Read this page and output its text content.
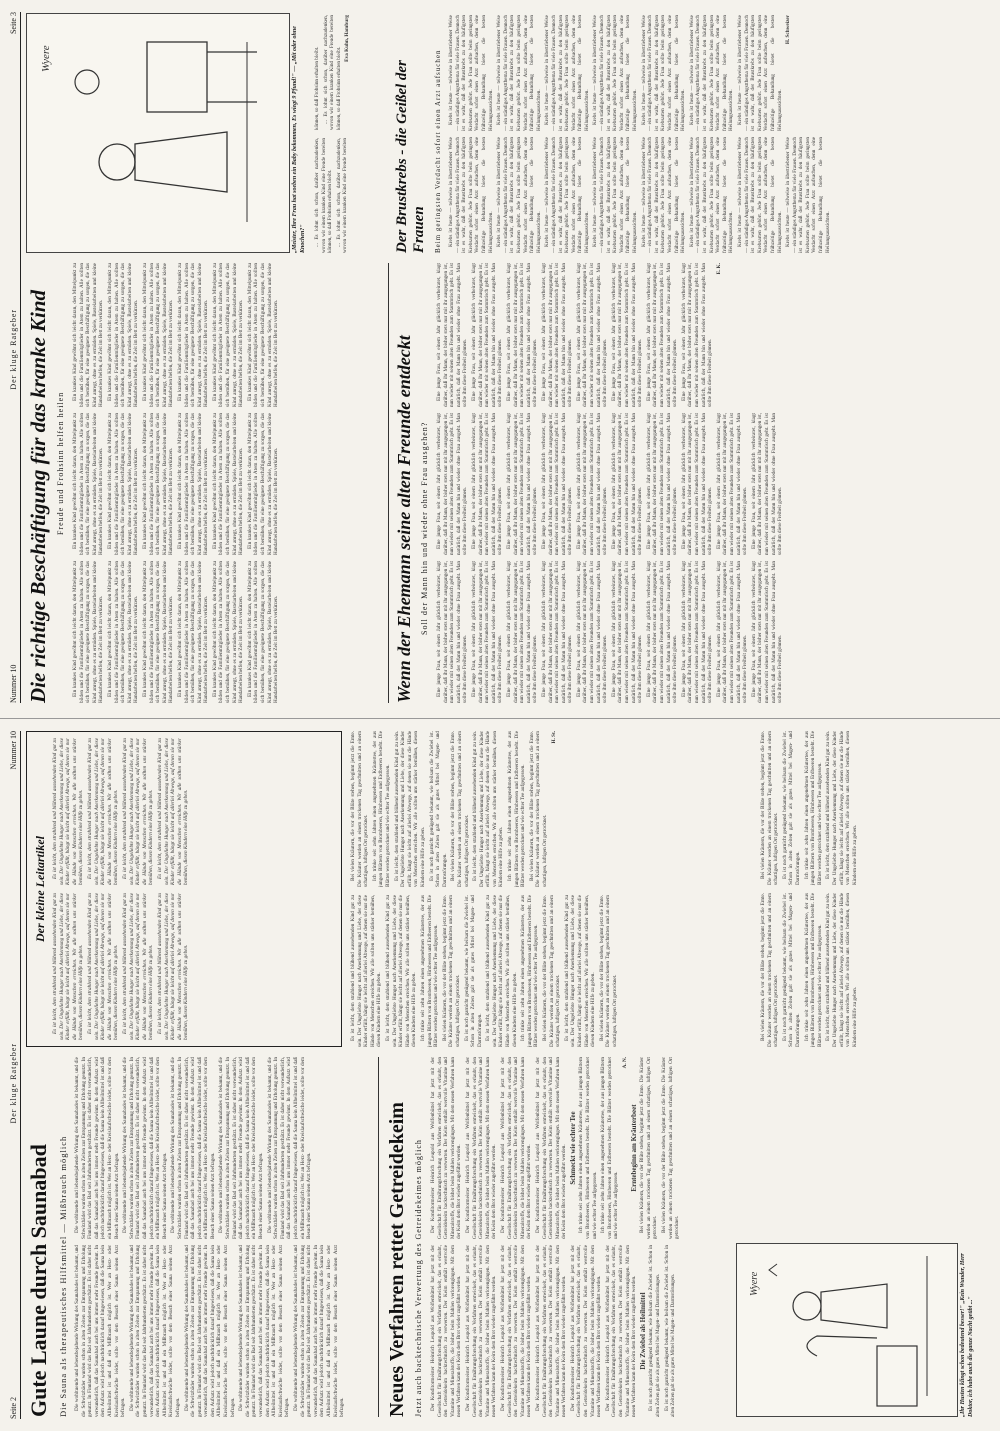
Seite 2
Der kluge Ratgeber
Nummer 10
Gute Laune durch Saunabad Die Sauna als therapeutisches Hilfsmittel — Mißbrauch möglich Die wohltuende und lebensbejahende Wirkung des Saunabades ist bekannt, und die Schwitzbäder wurden schon in alten Zeiten zur Entspannung und Erholung genutzt. In Finnland wird das Bad seit Jahrhunderten geschätzt. Es ist daher nicht verwunderlich, daß das Saunabad auch bei uns immer mehr Freunde gewinnt. In dem Aufsatz wird jedoch nachdrücklich darauf hingewiesen, daß die Sauna kein Allheilmittel ist und daß ein Mißbrauch möglich ist. Wer an Herz- oder Kreislaufschwäche leidet, sollte vor dem Besuch einer Sauna seinen Arzt befragen. Die wohltuende und lebensbejahende Wirkung des Saunabades ist bekannt, und die Schwitzbäder wurden schon in alten Zeiten zur Entspannung und Erholung genutzt. In Finnland wird das Bad seit Jahrhunderten geschätzt. Es ist daher nicht verwunderlich, daß das Saunabad auch bei uns immer mehr Freunde gewinnt. In dem Aufsatz wird jedoch nachdrücklich darauf hingewiesen, daß die Sauna kein Allheilmittel ist und daß ein Mißbrauch möglich ist. Wer an Herz- oder Kreislaufschwäche leidet, sollte vor dem Besuch einer Sauna seinen Arzt befragen. Die wohltuende und lebensbejahende Wirkung des Saunabades ist bekannt, und die Schwitzbäder wurden schon in alten Zeiten zur Entspannung und Erholung genutzt. In Finnland wird das Bad seit Jahrhunderten geschätzt. Es ist daher nicht verwunderlich, daß das Saunabad auch bei uns immer mehr Freunde gewinnt. In dem Aufsatz wird jedoch nachdrücklich darauf hingewiesen, daß die Sauna kein Allheilmittel ist und daß ein Mißbrauch möglich ist. Wer an Herz- oder Kreislaufschwäche leidet, sollte vor dem Besuch einer Sauna seinen Arzt befragen. Die wohltuende und lebensbejahende Wirkung des Saunabades ist bekannt, und die Schwitzbäder wurden schon in alten Zeiten zur Entspannung und Erholung genutzt. In Finnland wird das Bad seit Jahrhunderten geschätzt. Es ist daher nicht verwunderlich, daß das Saunabad auch bei uns immer mehr Freunde gewinnt. In dem Aufsatz wird jedoch nachdrücklich darauf hingewiesen, daß die Sauna kein Allheilmittel ist und daß ein Mißbrauch möglich ist. Wer an Herz- oder Kreislaufschwäche leidet, sollte vor dem Besuch einer Sauna seinen Arzt befragen. Die wohltuende und lebensbejahende Wirkung des Saunabades ist bekannt, und die Schwitzbäder wurden schon in alten Zeiten zur Entspannung und Erholung genutzt. In Finnland wird das Bad seit Jahrhunderten geschätzt. Es ist daher nicht verwunderlich, daß das Saunabad auch bei uns immer mehr Freunde gewinnt. In dem Aufsatz wird jedoch nachdrücklich darauf hingewiesen, daß die Sauna kein Allheilmittel ist und daß ein Mißbrauch möglich ist. Wer an Herz- oder Kreislaufschwäche leidet, sollte vor dem Besuch einer Sauna seinen Arzt befragen.

Die wohltuende und lebensbejahende Wirkung des Saunabades ist bekannt, und die Schwitzbäder wurden schon in alten Zeiten zur Entspannung und Erholung genutzt. In Finnland wird das Bad seit Jahrhunderten geschätzt. Es ist daher nicht verwunderlich, daß das Saunabad auch bei uns immer mehr Freunde gewinnt. In dem Aufsatz wird jedoch nachdrücklich darauf hingewiesen, daß die Sauna kein Allheilmittel ist und daß ein Mißbrauch möglich ist. Wer an Herz- oder Kreislaufschwäche leidet, sollte vor dem Besuch einer Sauna seinen Arzt befragen. Die wohltuende und lebensbejahende Wirkung des Saunabades ist bekannt, und die Schwitzbäder wurden schon in alten Zeiten zur Entspannung und Erholung genutzt. In Finnland wird das Bad seit Jahrhunderten geschätzt. Es ist daher nicht verwunderlich, daß das Saunabad auch bei uns immer mehr Freunde gewinnt. In dem Aufsatz wird jedoch nachdrücklich darauf hingewiesen, daß die Sauna kein Allheilmittel ist und daß ein Mißbrauch möglich ist. Wer an Herz- oder Kreislaufschwäche leidet, sollte vor dem Besuch einer Sauna seinen Arzt befragen. Die wohltuende und lebensbejahende Wirkung des Saunabades ist bekannt, und die Schwitzbäder wurden schon in alten Zeiten zur Entspannung und Erholung genutzt. In Finnland wird das Bad seit Jahrhunderten geschätzt. Es ist daher nicht verwunderlich, daß das Saunabad auch bei uns immer mehr Freunde gewinnt. In dem Aufsatz wird jedoch nachdrücklich darauf hingewiesen, daß die Sauna kein Allheilmittel ist und daß ein Mißbrauch möglich ist. Wer an Herz- oder Kreislaufschwäche leidet, sollte vor dem Besuch einer Sauna seinen Arzt befragen. Die wohltuende und lebensbejahende Wirkung des Saunabades ist bekannt, und die Schwitzbäder wurden schon in alten Zeiten zur Entspannung und Erholung genutzt. In Finnland wird das Bad seit Jahrhunderten geschätzt. Es ist daher nicht verwunderlich, daß das Saunabad auch bei uns immer mehr Freunde gewinnt. In dem Aufsatz wird jedoch nachdrücklich darauf hingewiesen, daß die Sauna kein Allheilmittel ist und daß ein Mißbrauch möglich ist. Wer an Herz- oder Kreislaufschwäche leidet, sollte vor dem Besuch einer Sauna seinen Arzt befragen. Die wohltuende und lebensbejahende Wirkung des Saunabades ist bekannt, und die Schwitzbäder wurden schon in alten Zeiten zur Entspannung und Erholung genutzt. In Finnland wird das Bad seit Jahrhunderten geschätzt. Es ist daher nicht verwunderlich, daß das Saunabad auch bei uns immer mehr Freunde gewinnt. In dem Aufsatz wird jedoch nachdrücklich darauf hingewiesen, daß die Sauna kein Allheilmittel ist und daß ein Mißbrauch möglich ist. Wer an Herz- oder Kreislaufschwäche leidet, sollte vor dem Besuch einer Sauna seinen Arzt befragen.	Neues Verfahren rettet Getreidekeim Jetzt auch backtechnische Verwertung des Getreidekeimes möglich Der Konditormeister Heinrich Leupold aus Wolfenbüttel hat jetzt mit der Gesellschaft für Ernährungsforschung ein Verfahren entwickelt, das es erlaubt, den Getreidekeim backtechnisch zu verwerten. Der Keim enthält wertvolle Vitamine und Mineralstoffe, die bisher beim Mahlen verlorengingen. Mit dem neuen Verfahren kann der Keim dem Brot wieder zugeführt werden. Der Konditormeister Heinrich Leupold aus Wolfenbüttel hat jetzt mit der Gesellschaft für Ernährungsforschung ein Verfahren entwickelt, das es erlaubt, den Getreidekeim backtechnisch zu verwerten. Der Keim enthält wertvolle Vitamine und Mineralstoffe, die bisher beim Mahlen verlorengingen. Mit dem neuen Verfahren kann der Keim dem Brot wieder zugeführt werden. Der Konditormeister Heinrich Leupold aus Wolfenbüttel hat jetzt mit der Gesellschaft für Ernährungsforschung ein Verfahren entwickelt, das es erlaubt, den Getreidekeim backtechnisch zu verwerten. Der Keim enthält wertvolle Vitamine und Mineralstoffe, die bisher beim Mahlen verlorengingen. Mit dem neuen Verfahren kann der Keim dem Brot wieder zugeführt werden. Der Konditormeister Heinrich Leupold aus Wolfenbüttel hat jetzt mit der Gesellschaft für Ernährungsforschung ein Verfahren entwickelt, das es erlaubt, den Getreidekeim backtechnisch zu verwerten. Der Keim enthält wertvolle Vitamine und Mineralstoffe, die bisher beim Mahlen verlorengingen. Mit dem neuen Verfahren kann der Keim dem Brot wieder zugeführt werden. Der Konditormeister Heinrich Leupold aus Wolfenbüttel hat jetzt mit der Gesellschaft für Ernährungsforschung ein Verfahren entwickelt, das es erlaubt, den Getreidekeim backtechnisch zu verwerten. Der Keim enthält wertvolle Vitamine und Mineralstoffe, die bisher beim Mahlen verlorengingen. Mit dem neuen Verfahren kann der Keim dem Brot wieder zugeführt werden. Der Konditormeister Heinrich Leupold aus Wolfenbüttel hat jetzt mit der Gesellschaft für Ernährungsforschung ein Verfahren entwickelt, das es erlaubt, den Getreidekeim backtechnisch zu verwerten. Der Keim enthält wertvolle Vitamine und Mineralstoffe, die bisher beim Mahlen verlorengingen. Mit dem neuen Verfahren kann der Keim dem Brot wieder zugeführt werden. Die Zwiebel als Heilmittel Es ist noch garnicht genügend bekannt, wie heilsam die Zwiebel ist. Schon in alten Zeiten galt sie als gutes Mittel bei Magen- und Darmstörungen. Es ist noch garnicht genügend bekannt, wie heilsam die Zwiebel ist. Schon in alten Zeiten galt sie als gutes Mittel bei Magen- und Darmstörungen.

Der Konditormeister Heinrich Leupold aus Wolfenbüttel hat jetzt mit der Gesellschaft für Ernährungsforschung ein Verfahren entwickelt, das es erlaubt, den Getreidekeim backtechnisch zu verwerten. Der Keim enthält wertvolle Vitamine und Mineralstoffe, die bisher beim Mahlen verlorengingen. Mit dem neuen Verfahren kann der Keim dem Brot wieder zugeführt werden. Der Konditormeister Heinrich Leupold aus Wolfenbüttel hat jetzt mit der Gesellschaft für Ernährungsforschung ein Verfahren entwickelt, das es erlaubt, den Getreidekeim backtechnisch zu verwerten. Der Keim enthält wertvolle Vitamine und Mineralstoffe, die bisher beim Mahlen verlorengingen. Mit dem neuen Verfahren kann der Keim dem Brot wieder zugeführt werden. Der Konditormeister Heinrich Leupold aus Wolfenbüttel hat jetzt mit der Gesellschaft für Ernährungsforschung ein Verfahren entwickelt, das es erlaubt, den Getreidekeim backtechnisch zu verwerten. Der Keim enthält wertvolle Vitamine und Mineralstoffe, die bisher beim Mahlen verlorengingen. Mit dem neuen Verfahren kann der Keim dem Brot wieder zugeführt werden. Der Konditormeister Heinrich Leupold aus Wolfenbüttel hat jetzt mit der Gesellschaft für Ernährungsforschung ein Verfahren entwickelt, das es erlaubt, den Getreidekeim backtechnisch zu verwerten. Der Keim enthält wertvolle Vitamine und Mineralstoffe, die bisher beim Mahlen verlorengingen. Mit dem neuen Verfahren kann der Keim dem Brot wieder zugeführt werden. Schmeckt wie echter Tee Ich trinke seit zehn Jahren einen angenehmen Kräutertee, der aus jungen Blättern von Brombeeren, Himbeeren und Erdbeeren besteht. Die Blätter werden getrocknet und wie echter Tee aufgegossen. Ich trinke seit zehn Jahren einen angenehmen Kräutertee, der aus jungen Blättern von Brombeeren, Himbeeren und Erdbeeren besteht. Die Blätter werden getrocknet und wie echter Tee aufgegossen.

A. N.

Erntebeginn am Kräuterbeet Bei vielen Kräutern, die vor der Blüte stehen, beginnt jetzt die Ernte. Die Kräuter werden an einem trockenen Tag geschnitten und an einem schattigen, luftigen Ort getrocknet. Bei vielen Kräutern, die vor der Blüte stehen, beginnt jetzt die Ernte. Die Kräuter werden an einem trockenen Tag geschnitten und an einem schattigen, luftigen Ort getrocknet.

Wyere	„Ihr Husten klingt schon bedeutend besser!" „Kein Wunder, Herr Doktor, ich habe auch die ganze Nacht geübt ..."
Der kleine Leitartikel

Es ist leicht, dem strahlend und blühend aussehenden Kind gut zu sein. Der Ungeliebte Hunger nach Anerkennung und Liebe, der diese Kinder erfüllt, hängt sie leicht auf allerlei Abwege, auf denen sie nur die Hände von Menschen erreichen. Wir alle sollten uns stärker bemühen, diesen Kindern eine Hilfe zu geben. Es ist leicht, dem strahlend und blühend aussehenden Kind gut zu sein. Der Ungeliebte Hunger nach Anerkennung und Liebe, der diese Kinder erfüllt, hängt sie leicht auf allerlei Abwege, auf denen sie nur die Hände von Menschen erreichen. Wir alle sollten uns stärker bemühen, diesen Kindern eine Hilfe zu geben. Es ist leicht, dem strahlend und blühend aussehenden Kind gut zu sein. Der Ungeliebte Hunger nach Anerkennung und Liebe, der diese Kinder erfüllt, hängt sie leicht auf allerlei Abwege, auf denen sie nur die Hände von Menschen erreichen. Wir alle sollten uns stärker bemühen, diesen Kindern eine Hilfe zu geben. Es ist leicht, dem strahlend und blühend aussehenden Kind gut zu sein. Der Ungeliebte Hunger nach Anerkennung und Liebe, der diese Kinder erfüllt, hängt sie leicht auf allerlei Abwege, auf denen sie nur die Hände von Menschen erreichen. Wir alle sollten uns stärker bemühen, diesen Kindern eine Hilfe zu geben.

Es ist leicht, dem strahlend und blühend aussehenden Kind gut zu sein. Der Ungeliebte Hunger nach Anerkennung und Liebe, der diese Kinder erfüllt, hängt sie leicht auf allerlei Abwege, auf denen sie nur die Hände von Menschen erreichen. Wir alle sollten uns stärker bemühen, diesen Kindern eine Hilfe zu geben. Es ist leicht, dem strahlend und blühend aussehenden Kind gut zu sein. Der Ungeliebte Hunger nach Anerkennung und Liebe, der diese Kinder erfüllt, hängt sie leicht auf allerlei Abwege, auf denen sie nur die Hände von Menschen erreichen. Wir alle sollten uns stärker bemühen, diesen Kindern eine Hilfe zu geben. Es ist leicht, dem strahlend und blühend aussehenden Kind gut zu sein. Der Ungeliebte Hunger nach Anerkennung und Liebe, der diese Kinder erfüllt, hängt sie leicht auf allerlei Abwege, auf denen sie nur die Hände von Menschen erreichen. Wir alle sollten uns stärker bemühen, diesen Kindern eine Hilfe zu geben. Es ist leicht, dem strahlend und blühend aussehenden Kind gut zu sein. Der Ungeliebte Hunger nach Anerkennung und Liebe, der diese Kinder erfüllt, hängt sie leicht auf allerlei Abwege, auf denen sie nur die Hände von Menschen erreichen. Wir alle sollten uns stärker bemühen, diesen Kindern eine Hilfe zu geben.

Es ist leicht, dem strahlend und blühend aussehenden Kind gut zu sein. Der Ungeliebte Hunger nach Anerkennung und Liebe, der diese Kinder erfüllt, hängt sie leicht auf allerlei Abwege, auf denen sie nur die Hände von Menschen erreichen. Wir alle sollten uns stärker bemühen, diesen Kindern eine Hilfe zu geben. Es ist leicht, dem strahlend und blühend aussehenden Kind gut zu sein. Der Ungeliebte Hunger nach Anerkennung und Liebe, der diese Kinder erfüllt, hängt sie leicht auf allerlei Abwege, auf denen sie nur die Hände von Menschen erreichen. Wir alle sollten uns stärker bemühen, diesen Kindern eine Hilfe zu geben. Ich trinke seit zehn Jahren einen angenehmen Kräutertee, der aus jungen Blättern von Brombeeren, Himbeeren und Erdbeeren besteht. Die Blätter werden getrocknet und wie echter Tee aufgegossen. Bei vielen Kräutern, die vor der Blüte stehen, beginnt jetzt die Ernte. Die Kräuter werden an einem trockenen Tag geschnitten und an einem schattigen, luftigen Ort getrocknet. Es ist noch garnicht genügend bekannt, wie heilsam die Zwiebel ist. Schon in alten Zeiten galt sie als gutes Mittel bei Magen- und Darmstörungen. Es ist leicht, dem strahlend und blühend aussehenden Kind gut zu sein. Der Ungeliebte Hunger nach Anerkennung und Liebe, der diese Kinder erfüllt, hängt sie leicht auf allerlei Abwege, auf denen sie nur die Hände von Menschen erreichen. Wir alle sollten uns stärker bemühen, diesen Kindern eine Hilfe zu geben. Ich trinke seit zehn Jahren einen angenehmen Kräutertee, der aus jungen Blättern von Brombeeren, Himbeeren und Erdbeeren besteht. Die Blätter werden getrocknet und wie echter Tee aufgegossen. Bei vielen Kräutern, die vor der Blüte stehen, beginnt jetzt die Ernte. Die Kräuter werden an einem trockenen Tag geschnitten und an einem schattigen, luftigen Ort getrocknet. Es ist leicht, dem strahlend und blühend aussehenden Kind gut zu sein. Der Ungeliebte Hunger nach Anerkennung und Liebe, der diese Kinder erfüllt, hängt sie leicht auf allerlei Abwege, auf denen sie nur die Hände von Menschen erreichen. Wir alle sollten uns stärker bemühen, diesen Kindern eine Hilfe zu geben. Bei vielen Kräutern, die vor der Blüte stehen, beginnt jetzt die Ernte. Die Kräuter werden an einem trockenen Tag geschnitten und an einem schattigen, luftigen Ort getrocknet.

Bei vielen Kräutern, die vor der Blüte stehen, beginnt jetzt die Ernte. Die Kräuter werden an einem trockenen Tag geschnitten und an einem schattigen, luftigen Ort getrocknet. Ich trinke seit zehn Jahren einen angenehmen Kräutertee, der aus jungen Blättern von Brombeeren, Himbeeren und Erdbeeren besteht. Die Blätter werden getrocknet und wie echter Tee aufgegossen. Es ist leicht, dem strahlend und blühend aussehenden Kind gut zu sein. Der Ungeliebte Hunger nach Anerkennung und Liebe, der diese Kinder erfüllt, hängt sie leicht auf allerlei Abwege, auf denen sie nur die Hände von Menschen erreichen. Wir alle sollten uns stärker bemühen, diesen Kindern eine Hilfe zu geben. Es ist noch garnicht genügend bekannt, wie heilsam die Zwiebel ist. Schon in alten Zeiten galt sie als gutes Mittel bei Magen- und Darmstörungen. Bei vielen Kräutern, die vor der Blüte stehen, beginnt jetzt die Ernte. Die Kräuter werden an einem trockenen Tag geschnitten und an einem schattigen, luftigen Ort getrocknet. Es ist leicht, dem strahlend und blühend aussehenden Kind gut zu sein. Der Ungeliebte Hunger nach Anerkennung und Liebe, der diese Kinder erfüllt, hängt sie leicht auf allerlei Abwege, auf denen sie nur die Hände von Menschen erreichen. Wir alle sollten uns stärker bemühen, diesen Kindern eine Hilfe zu geben. Ich trinke seit zehn Jahren einen angenehmen Kräutertee, der aus jungen Blättern von Brombeeren, Himbeeren und Erdbeeren besteht. Die Blätter werden getrocknet und wie echter Tee aufgegossen. Bei vielen Kräutern, die vor der Blüte stehen, beginnt jetzt die Ernte. Die Kräuter werden an einem trockenen Tag geschnitten und an einem schattigen, luftigen Ort getrocknet.

H. St.

Bei vielen Kräutern, die vor der Blüte stehen, beginnt jetzt die Ernte. Die Kräuter werden an einem trockenen Tag geschnitten und an einem schattigen, luftigen Ort getrocknet. Es ist noch garnicht genügend bekannt, wie heilsam die Zwiebel ist. Schon in alten Zeiten galt sie als gutes Mittel bei Magen- und Darmstörungen. Ich trinke seit zehn Jahren einen angenehmen Kräutertee, der aus jungen Blättern von Brombeeren, Himbeeren und Erdbeeren besteht. Die Blätter werden getrocknet und wie echter Tee aufgegossen. Es ist leicht, dem strahlend und blühend aussehenden Kind gut zu sein. Der Ungeliebte Hunger nach Anerkennung und Liebe, der diese Kinder erfüllt, hängt sie leicht auf allerlei Abwege, auf denen sie nur die Hände von Menschen erreichen. Wir alle sollten uns stärker bemühen, diesen Kindern eine Hilfe zu geben.

Bei vielen Kräutern, die vor der Blüte stehen, beginnt jetzt die Ernte. Die Kräuter werden an einem trockenen Tag geschnitten und an einem schattigen, luftigen Ort getrocknet. Es ist noch garnicht genügend bekannt, wie heilsam die Zwiebel ist. Schon in alten Zeiten galt sie als gutes Mittel bei Magen- und Darmstörungen. Ich trinke seit zehn Jahren einen angenehmen Kräutertee, der aus jungen Blättern von Brombeeren, Himbeeren und Erdbeeren besteht. Die Blätter werden getrocknet und wie echter Tee aufgegossen. Es ist leicht, dem strahlend und blühend aussehenden Kind gut zu sein. Der Ungeliebte Hunger nach Anerkennung und Liebe, der diese Kinder erfüllt, hängt sie leicht auf allerlei Abwege, auf denen sie nur die Hände von Menschen erreichen. Wir alle sollten uns stärker bemühen, diesen Kindern eine Hilfe zu geben.

Nummer 10
Der kluge Ratgeber
Seite 3
Die richtige Beschäftigung für das kranke Kind Freude und Frohsinn helfen heilen

Ein krankes Kind gewöhnt sich leicht daran, den Mittelpunkt zu bilden und die Familienmitglieder in Atem zu halten. Alle sollten sich bemühen, für eine geeignete Beschäftigung zu sorgen, die das Kind anregt, ohne es zu ermüden. Spiele, Bastelarbeiten und kleine Handarbeiten helfen, die Zeit im Bett zu verkürzen. Ein krankes Kind gewöhnt sich leicht daran, den Mittelpunkt zu bilden und die Familienmitglieder in Atem zu halten. Alle sollten sich bemühen, für eine geeignete Beschäftigung zu sorgen, die das Kind anregt, ohne es zu ermüden. Spiele, Bastelarbeiten und kleine Handarbeiten helfen, die Zeit im Bett zu verkürzen. Ein krankes Kind gewöhnt sich leicht daran, den Mittelpunkt zu bilden und die Familienmitglieder in Atem zu halten. Alle sollten sich bemühen, für eine geeignete Beschäftigung zu sorgen, die das Kind anregt, ohne es zu ermüden. Spiele, Bastelarbeiten und kleine Handarbeiten helfen, die Zeit im Bett zu verkürzen. Ein krankes Kind gewöhnt sich leicht daran, den Mittelpunkt zu bilden und die Familienmitglieder in Atem zu halten. Alle sollten sich bemühen, für eine geeignete Beschäftigung zu sorgen, die das Kind anregt, ohne es zu ermüden. Spiele, Bastelarbeiten und kleine Handarbeiten helfen, die Zeit im Bett zu verkürzen. Ein krankes Kind gewöhnt sich leicht daran, den Mittelpunkt zu bilden und die Familienmitglieder in Atem zu halten. Alle sollten sich bemühen, für eine geeignete Beschäftigung zu sorgen, die das Kind anregt, ohne es zu ermüden. Spiele, Bastelarbeiten und kleine Handarbeiten helfen, die Zeit im Bett zu verkürzen. Ein krankes Kind gewöhnt sich leicht daran, den Mittelpunkt zu bilden und die Familienmitglieder in Atem zu halten. Alle sollten sich bemühen, für eine geeignete Beschäftigung zu sorgen, die das Kind anregt, ohne es zu ermüden. Spiele, Bastelarbeiten und kleine Handarbeiten helfen, die Zeit im Bett zu verkürzen.

Ein krankes Kind gewöhnt sich leicht daran, den Mittelpunkt zu bilden und die Familienmitglieder in Atem zu halten. Alle sollten sich bemühen, für eine geeignete Beschäftigung zu sorgen, die das Kind anregt, ohne es zu ermüden. Spiele, Bastelarbeiten und kleine Handarbeiten helfen, die Zeit im Bett zu verkürzen. Ein krankes Kind gewöhnt sich leicht daran, den Mittelpunkt zu bilden und die Familienmitglieder in Atem zu halten. Alle sollten sich bemühen, für eine geeignete Beschäftigung zu sorgen, die das Kind anregt, ohne es zu ermüden. Spiele, Bastelarbeiten und kleine Handarbeiten helfen, die Zeit im Bett zu verkürzen. Ein krankes Kind gewöhnt sich leicht daran, den Mittelpunkt zu bilden und die Familienmitglieder in Atem zu halten. Alle sollten sich bemühen, für eine geeignete Beschäftigung zu sorgen, die das Kind anregt, ohne es zu ermüden. Spiele, Bastelarbeiten und kleine Handarbeiten helfen, die Zeit im Bett zu verkürzen. Ein krankes Kind gewöhnt sich leicht daran, den Mittelpunkt zu bilden und die Familienmitglieder in Atem zu halten. Alle sollten sich bemühen, für eine geeignete Beschäftigung zu sorgen, die das Kind anregt, ohne es zu ermüden. Spiele, Bastelarbeiten und kleine Handarbeiten helfen, die Zeit im Bett zu verkürzen. Ein krankes Kind gewöhnt sich leicht daran, den Mittelpunkt zu bilden und die Familienmitglieder in Atem zu halten. Alle sollten sich bemühen, für eine geeignete Beschäftigung zu sorgen, die das Kind anregt, ohne es zu ermüden. Spiele, Bastelarbeiten und kleine Handarbeiten helfen, die Zeit im Bett zu verkürzen. Ein krankes Kind gewöhnt sich leicht daran, den Mittelpunkt zu bilden und die Familienmitglieder in Atem zu halten. Alle sollten sich bemühen, für eine geeignete Beschäftigung zu sorgen, die das Kind anregt, ohne es zu ermüden. Spiele, Bastelarbeiten und kleine Handarbeiten helfen, die Zeit im Bett zu verkürzen.

Ein krankes Kind gewöhnt sich leicht daran, den Mittelpunkt zu bilden und die Familienmitglieder in Atem zu halten. Alle sollten sich bemühen, für eine geeignete Beschäftigung zu sorgen, die das Kind anregt, ohne es zu ermüden. Spiele, Bastelarbeiten und kleine Handarbeiten helfen, die Zeit im Bett zu verkürzen. Ein krankes Kind gewöhnt sich leicht daran, den Mittelpunkt zu bilden und die Familienmitglieder in Atem zu halten. Alle sollten sich bemühen, für eine geeignete Beschäftigung zu sorgen, die das Kind anregt, ohne es zu ermüden. Spiele, Bastelarbeiten und kleine Handarbeiten helfen, die Zeit im Bett zu verkürzen. Ein krankes Kind gewöhnt sich leicht daran, den Mittelpunkt zu bilden und die Familienmitglieder in Atem zu halten. Alle sollten sich bemühen, für eine geeignete Beschäftigung zu sorgen, die das Kind anregt, ohne es zu ermüden. Spiele, Bastelarbeiten und kleine Handarbeiten helfen, die Zeit im Bett zu verkürzen. Ein krankes Kind gewöhnt sich leicht daran, den Mittelpunkt zu bilden und die Familienmitglieder in Atem zu halten. Alle sollten sich bemühen, für eine geeignete Beschäftigung zu sorgen, die das Kind anregt, ohne es zu ermüden. Spiele, Bastelarbeiten und kleine Handarbeiten helfen, die Zeit im Bett zu verkürzen. Ein krankes Kind gewöhnt sich leicht daran, den Mittelpunkt zu bilden und die Familienmitglieder in Atem zu halten. Alle sollten sich bemühen, für eine geeignete Beschäftigung zu sorgen, die das Kind anregt, ohne es zu ermüden. Spiele, Bastelarbeiten und kleine Handarbeiten helfen, die Zeit im Bett zu verkürzen. Ein krankes Kind gewöhnt sich leicht daran, den Mittelpunkt zu bilden und die Familienmitglieder in Atem zu halten. Alle sollten sich bemühen, für eine geeignete Beschäftigung zu sorgen, die das Kind anregt, ohne es zu ermüden. Spiele, Bastelarbeiten und kleine Handarbeiten helfen, die Zeit im Bett zu verkürzen.

Wyere	„Meister, Ihre Frau hat soeben ein Baby bekommen, Es wiegt 9 Pfund!" — „Mit oder ohne Knochen?" ... Es lohnt sich schon, darüber nachzudenken, wovon wir einem kranken Kind eine Freude bereiten können, so daß Frohsinn erhalten bleibt. ... Es lohnt sich schon, darüber nachzudenken, wovon wir einem kranken Kind eine Freude bereiten können, so daß Frohsinn erhalten bleibt. ... Es lohnt sich schon, darüber nachzudenken, wovon wir einem kranken Kind eine Freude bereiten können, so daß Frohsinn erhalten bleibt.

Eva Kuhn, Hamburg

Wenn der Ehemann seine alten Freunde entdeckt Soll der Mann hin und wieder ohne Frau ausgehen? Eine junge Frau, seit einem Jahr glücklich verheiratet, klagt darüber, daß ihr Mann, der bisher stets nur mit ihr ausgegangen ist, nun wieder mit seinen alten Freunden zum Stammtisch geht. Es ist natürlich, daß der Mann hin und wieder ohne Frau ausgeht. Man sollte ihm diese Freiheit gönnen. Eine junge Frau, seit einem Jahr glücklich verheiratet, klagt darüber, daß ihr Mann, der bisher stets nur mit ihr ausgegangen ist, nun wieder mit seinen alten Freunden zum Stammtisch geht. Es ist natürlich, daß der Mann hin und wieder ohne Frau ausgeht. Man sollte ihm diese Freiheit gönnen. Eine junge Frau, seit einem Jahr glücklich verheiratet, klagt darüber, daß ihr Mann, der bisher stets nur mit ihr ausgegangen ist, nun wieder mit seinen alten Freunden zum Stammtisch geht. Es ist natürlich, daß der Mann hin und wieder ohne Frau ausgeht. Man sollte ihm diese Freiheit gönnen. Eine junge Frau, seit einem Jahr glücklich verheiratet, klagt darüber, daß ihr Mann, der bisher stets nur mit ihr ausgegangen ist, nun wieder mit seinen alten Freunden zum Stammtisch geht. Es ist natürlich, daß der Mann hin und wieder ohne Frau ausgeht. Man sollte ihm diese Freiheit gönnen. Eine junge Frau, seit einem Jahr glücklich verheiratet, klagt darüber, daß ihr Mann, der bisher stets nur mit ihr ausgegangen ist, nun wieder mit seinen alten Freunden zum Stammtisch geht. Es ist natürlich, daß der Mann hin und wieder ohne Frau ausgeht. Man sollte ihm diese Freiheit gönnen. Eine junge Frau, seit einem Jahr glücklich verheiratet, klagt darüber, daß ihr Mann, der bisher stets nur mit ihr ausgegangen ist, nun wieder mit seinen alten Freunden zum Stammtisch geht. Es ist natürlich, daß der Mann hin und wieder ohne Frau ausgeht. Man sollte ihm diese Freiheit gönnen. Eine junge Frau, seit einem Jahr glücklich verheiratet, klagt darüber, daß ihr Mann, der bisher stets nur mit ihr ausgegangen ist, nun wieder mit seinen alten Freunden zum Stammtisch geht. Es ist natürlich, daß der Mann hin und wieder ohne Frau ausgeht. Man sollte ihm diese Freiheit gönnen. Eine junge Frau, seit einem Jahr glücklich verheiratet, klagt darüber, daß ihr Mann, der bisher stets nur mit ihr ausgegangen ist, nun wieder mit seinen alten Freunden zum Stammtisch geht. Es ist natürlich, daß der Mann hin und wieder ohne Frau ausgeht. Man sollte ihm diese Freiheit gönnen. Eine junge Frau, seit einem Jahr glücklich verheiratet, klagt darüber, daß ihr Mann, der bisher stets nur mit ihr ausgegangen ist, nun wieder mit seinen alten Freunden zum Stammtisch geht. Es ist natürlich, daß der Mann hin und wieder ohne Frau ausgeht. Man sollte ihm diese Freiheit gönnen. Eine junge Frau, seit einem Jahr glücklich verheiratet, klagt darüber, daß ihr Mann, der bisher stets nur mit ihr ausgegangen ist, nun wieder mit seinen alten Freunden zum Stammtisch geht. Es ist natürlich, daß der Mann hin und wieder ohne Frau ausgeht. Man sollte ihm diese Freiheit gönnen.

Eine junge Frau, seit einem Jahr glücklich verheiratet, klagt darüber, daß ihr Mann, der bisher stets nur mit ihr ausgegangen ist, nun wieder mit seinen alten Freunden zum Stammtisch geht. Es ist natürlich, daß der Mann hin und wieder ohne Frau ausgeht. Man sollte ihm diese Freiheit gönnen. Eine junge Frau, seit einem Jahr glücklich verheiratet, klagt darüber, daß ihr Mann, der bisher stets nur mit ihr ausgegangen ist, nun wieder mit seinen alten Freunden zum Stammtisch geht. Es ist natürlich, daß der Mann hin und wieder ohne Frau ausgeht. Man sollte ihm diese Freiheit gönnen. Eine junge Frau, seit einem Jahr glücklich verheiratet, klagt darüber, daß ihr Mann, der bisher stets nur mit ihr ausgegangen ist, nun wieder mit seinen alten Freunden zum Stammtisch geht. Es ist natürlich, daß der Mann hin und wieder ohne Frau ausgeht. Man sollte ihm diese Freiheit gönnen. Eine junge Frau, seit einem Jahr glücklich verheiratet, klagt darüber, daß ihr Mann, der bisher stets nur mit ihr ausgegangen ist, nun wieder mit seinen alten Freunden zum Stammtisch geht. Es ist natürlich, daß der Mann hin und wieder ohne Frau ausgeht. Man sollte ihm diese Freiheit gönnen. Eine junge Frau, seit einem Jahr glücklich verheiratet, klagt darüber, daß ihr Mann, der bisher stets nur mit ihr ausgegangen ist, nun wieder mit seinen alten Freunden zum Stammtisch geht. Es ist natürlich, daß der Mann hin und wieder ohne Frau ausgeht. Man sollte ihm diese Freiheit gönnen. Eine junge Frau, seit einem Jahr glücklich verheiratet, klagt darüber, daß ihr Mann, der bisher stets nur mit ihr ausgegangen ist, nun wieder mit seinen alten Freunden zum Stammtisch geht. Es ist natürlich, daß der Mann hin und wieder ohne Frau ausgeht. Man sollte ihm diese Freiheit gönnen. Eine junge Frau, seit einem Jahr glücklich verheiratet, klagt darüber, daß ihr Mann, der bisher stets nur mit ihr ausgegangen ist, nun wieder mit seinen alten Freunden zum Stammtisch geht. Es ist natürlich, daß der Mann hin und wieder ohne Frau ausgeht. Man sollte ihm diese Freiheit gönnen. Eine junge Frau, seit einem Jahr glücklich verheiratet, klagt darüber, daß ihr Mann, der bisher stets nur mit ihr ausgegangen ist, nun wieder mit seinen alten Freunden zum Stammtisch geht. Es ist natürlich, daß der Mann hin und wieder ohne Frau ausgeht. Man sollte ihm diese Freiheit gönnen. Eine junge Frau, seit einem Jahr glücklich verheiratet, klagt darüber, daß ihr Mann, der bisher stets nur mit ihr ausgegangen ist, nun wieder mit seinen alten Freunden zum Stammtisch geht. Es ist natürlich, daß der Mann hin und wieder ohne Frau ausgeht. Man sollte ihm diese Freiheit gönnen. Eine junge Frau, seit einem Jahr glücklich verheiratet, klagt darüber, daß ihr Mann, der bisher stets nur mit ihr ausgegangen ist, nun wieder mit seinen alten Freunden zum Stammtisch geht. Es ist natürlich, daß der Mann hin und wieder ohne Frau ausgeht. Man sollte ihm diese Freiheit gönnen.

Eine junge Frau, seit einem Jahr glücklich verheiratet, klagt darüber, daß ihr Mann, der bisher stets nur mit ihr ausgegangen ist, nun wieder mit seinen alten Freunden zum Stammtisch geht. Es ist natürlich, daß der Mann hin und wieder ohne Frau ausgeht. Man sollte ihm diese Freiheit gönnen. Eine junge Frau, seit einem Jahr glücklich verheiratet, klagt darüber, daß ihr Mann, der bisher stets nur mit ihr ausgegangen ist, nun wieder mit seinen alten Freunden zum Stammtisch geht. Es ist natürlich, daß der Mann hin und wieder ohne Frau ausgeht. Man sollte ihm diese Freiheit gönnen. Eine junge Frau, seit einem Jahr glücklich verheiratet, klagt darüber, daß ihr Mann, der bisher stets nur mit ihr ausgegangen ist, nun wieder mit seinen alten Freunden zum Stammtisch geht. Es ist natürlich, daß der Mann hin und wieder ohne Frau ausgeht. Man sollte ihm diese Freiheit gönnen. Eine junge Frau, seit einem Jahr glücklich verheiratet, klagt darüber, daß ihr Mann, der bisher stets nur mit ihr ausgegangen ist, nun wieder mit seinen alten Freunden zum Stammtisch geht. Es ist natürlich, daß der Mann hin und wieder ohne Frau ausgeht. Man sollte ihm diese Freiheit gönnen. Eine junge Frau, seit einem Jahr glücklich verheiratet, klagt darüber, daß ihr Mann, der bisher stets nur mit ihr ausgegangen ist, nun wieder mit seinen alten Freunden zum Stammtisch geht. Es ist natürlich, daß der Mann hin und wieder ohne Frau ausgeht. Man sollte ihm diese Freiheit gönnen. Eine junge Frau, seit einem Jahr glücklich verheiratet, klagt darüber, daß ihr Mann, der bisher stets nur mit ihr ausgegangen ist, nun wieder mit seinen alten Freunden zum Stammtisch geht. Es ist natürlich, daß der Mann hin und wieder ohne Frau ausgeht. Man sollte ihm diese Freiheit gönnen. Eine junge Frau, seit einem Jahr glücklich verheiratet, klagt darüber, daß ihr Mann, der bisher stets nur mit ihr ausgegangen ist, nun wieder mit seinen alten Freunden zum Stammtisch geht. Es ist natürlich, daß der Mann hin und wieder ohne Frau ausgeht. Man sollte ihm diese Freiheit gönnen. Eine junge Frau, seit einem Jahr glücklich verheiratet, klagt darüber, daß ihr Mann, der bisher stets nur mit ihr ausgegangen ist, nun wieder mit seinen alten Freunden zum Stammtisch geht. Es ist natürlich, daß der Mann hin und wieder ohne Frau ausgeht. Man sollte ihm diese Freiheit gönnen.

E. K.

Der Brustkrebs - die Geißel der Frauen Beim geringsten Verdacht sofort einen Arzt aufsuchen Krebs ist heute — teilweise in übertriebener Weise — ein ständiges Angstthema für viele Frauen. Dennoch ist es wahr, daß der Brustkrebs zu den häufigsten Krebsarten gehört. Jede Frau sollte beim geringsten Verdacht sofort einen Arzt aufsuchen, denn eine frühzeitige Behandlung bietet die besten Heilungsaussichten. Krebs ist heute — teilweise in übertriebener Weise — ein ständiges Angstthema für viele Frauen. Dennoch ist es wahr, daß der Brustkrebs zu den häufigsten Krebsarten gehört. Jede Frau sollte beim geringsten Verdacht sofort einen Arzt aufsuchen, denn eine frühzeitige Behandlung bietet die besten Heilungsaussichten. Krebs ist heute — teilweise in übertriebener Weise — ein ständiges Angstthema für viele Frauen. Dennoch ist es wahr, daß der Brustkrebs zu den häufigsten Krebsarten gehört. Jede Frau sollte beim geringsten Verdacht sofort einen Arzt aufsuchen, denn eine frühzeitige Behandlung bietet die besten Heilungsaussichten. Krebs ist heute — teilweise in übertriebener Weise — ein ständiges Angstthema für viele Frauen. Dennoch ist es wahr, daß der Brustkrebs zu den häufigsten Krebsarten gehört. Jede Frau sollte beim geringsten Verdacht sofort einen Arzt aufsuchen, denn eine frühzeitige Behandlung bietet die besten Heilungsaussichten. Krebs ist heute — teilweise in übertriebener Weise — ein ständiges Angstthema für viele Frauen. Dennoch ist es wahr, daß der Brustkrebs zu den häufigsten Krebsarten gehört. Jede Frau sollte beim geringsten Verdacht sofort einen Arzt aufsuchen, denn eine frühzeitige Behandlung bietet die besten Heilungsaussichten. Krebs ist heute — teilweise in übertriebener Weise — ein ständiges Angstthema für viele Frauen. Dennoch ist es wahr, daß der Brustkrebs zu den häufigsten Krebsarten gehört. Jede Frau sollte beim geringsten Verdacht sofort einen Arzt aufsuchen, denn eine frühzeitige Behandlung bietet die besten Heilungsaussichten. Krebs ist heute — teilweise in übertriebener Weise — ein ständiges Angstthema für viele Frauen. Dennoch ist es wahr, daß der Brustkrebs zu den häufigsten Krebsarten gehört. Jede Frau sollte beim geringsten Verdacht sofort einen Arzt aufsuchen, denn eine frühzeitige Behandlung bietet die besten Heilungsaussichten. Krebs ist heute — teilweise in übertriebener Weise — ein ständiges Angstthema für viele Frauen. Dennoch ist es wahr, daß der Brustkrebs zu den häufigsten Krebsarten gehört. Jede Frau sollte beim geringsten Verdacht sofort einen Arzt aufsuchen, denn eine frühzeitige Behandlung bietet die besten Heilungsaussichten.

Krebs ist heute — teilweise in übertriebener Weise — ein ständiges Angstthema für viele Frauen. Dennoch ist es wahr, daß der Brustkrebs zu den häufigsten Krebsarten gehört. Jede Frau sollte beim geringsten Verdacht sofort einen Arzt aufsuchen, denn eine frühzeitige Behandlung bietet die besten Heilungsaussichten. Krebs ist heute — teilweise in übertriebener Weise — ein ständiges Angstthema für viele Frauen. Dennoch ist es wahr, daß der Brustkrebs zu den häufigsten Krebsarten gehört. Jede Frau sollte beim geringsten Verdacht sofort einen Arzt aufsuchen, denn eine frühzeitige Behandlung bietet die besten Heilungsaussichten. Krebs ist heute — teilweise in übertriebener Weise — ein ständiges Angstthema für viele Frauen. Dennoch ist es wahr, daß der Brustkrebs zu den häufigsten Krebsarten gehört. Jede Frau sollte beim geringsten Verdacht sofort einen Arzt aufsuchen, denn eine frühzeitige Behandlung bietet die besten Heilungsaussichten. Krebs ist heute — teilweise in übertriebener Weise — ein ständiges Angstthema für viele Frauen. Dennoch ist es wahr, daß der Brustkrebs zu den häufigsten Krebsarten gehört. Jede Frau sollte beim geringsten Verdacht sofort einen Arzt aufsuchen, denn eine frühzeitige Behandlung bietet die besten Heilungsaussichten. Krebs ist heute — teilweise in übertriebener Weise — ein ständiges Angstthema für viele Frauen. Dennoch ist es wahr, daß der Brustkrebs zu den häufigsten Krebsarten gehört. Jede Frau sollte beim geringsten Verdacht sofort einen Arzt aufsuchen, denn eine frühzeitige Behandlung bietet die besten Heilungsaussichten. Krebs ist heute — teilweise in übertriebener Weise — ein ständiges Angstthema für viele Frauen. Dennoch ist es wahr, daß der Brustkrebs zu den häufigsten Krebsarten gehört. Jede Frau sollte beim geringsten Verdacht sofort einen Arzt aufsuchen, denn eine frühzeitige Behandlung bietet die besten Heilungsaussichten. Krebs ist heute — teilweise in übertriebener Weise — ein ständiges Angstthema für viele Frauen. Dennoch ist es wahr, daß der Brustkrebs zu den häufigsten Krebsarten gehört. Jede Frau sollte beim geringsten Verdacht sofort einen Arzt aufsuchen, denn eine frühzeitige Behandlung bietet die besten Heilungsaussichten.

H. Schweizer
